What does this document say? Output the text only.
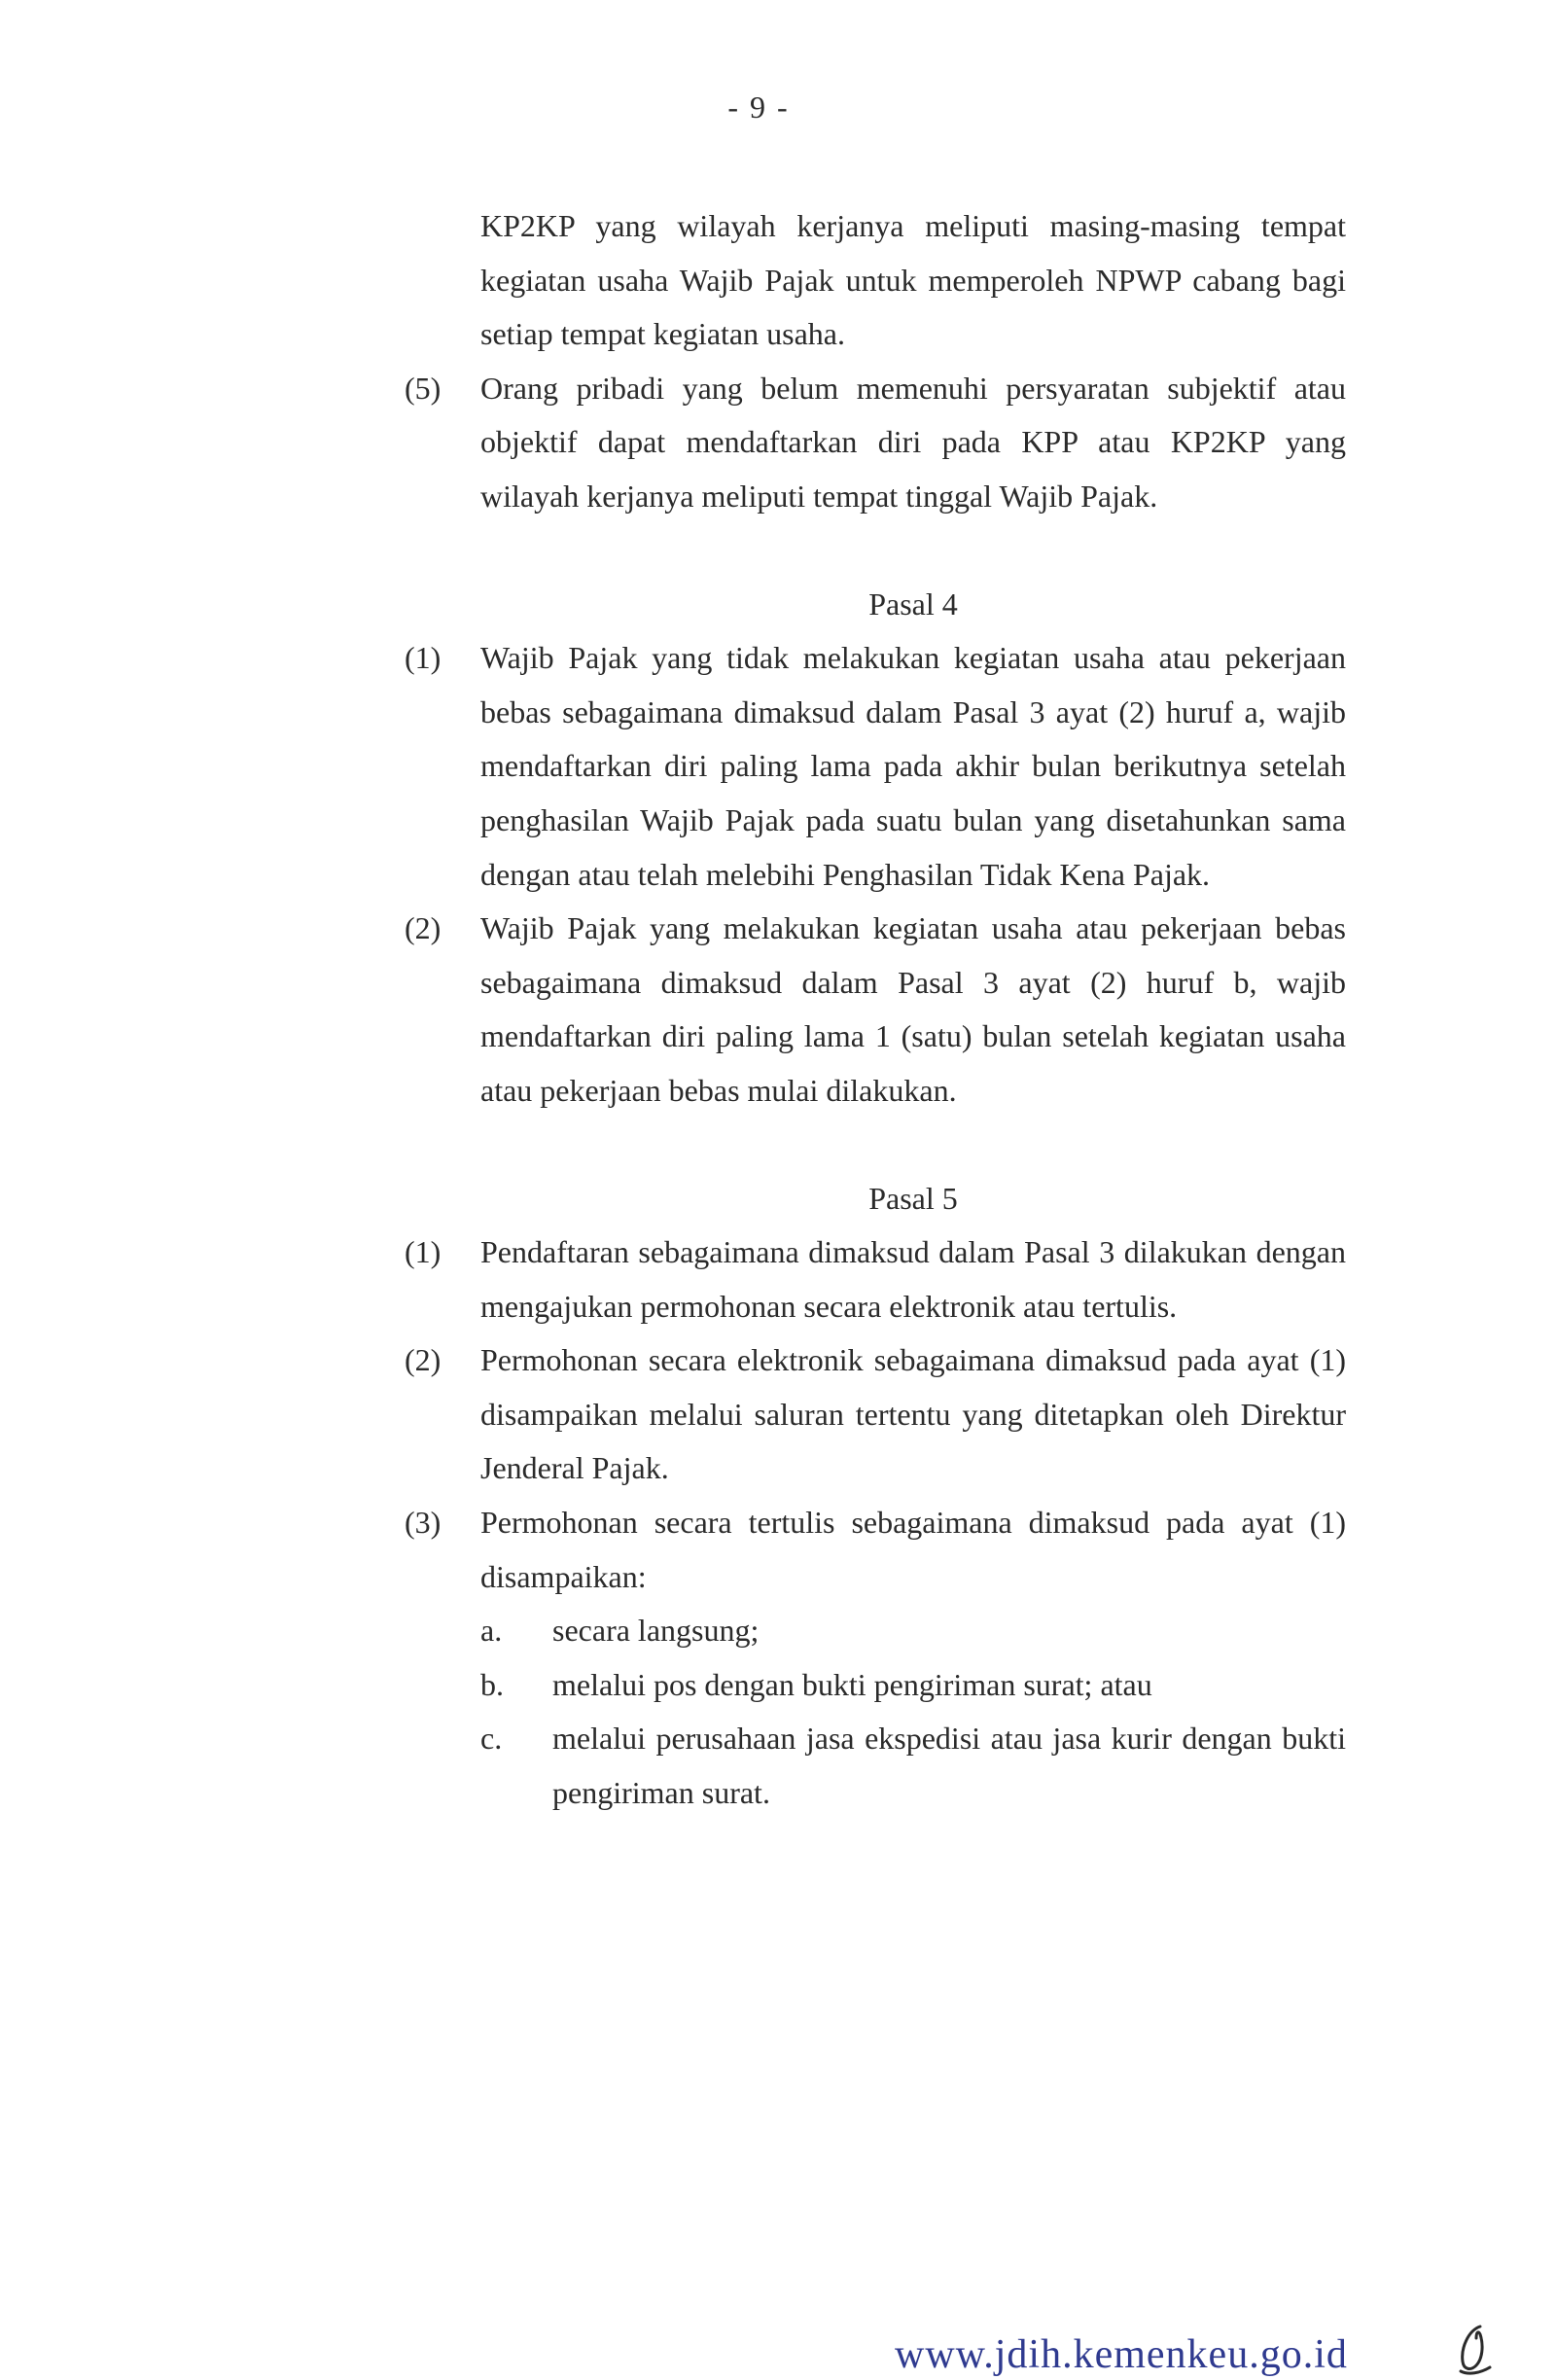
- 9 -
KP2KP yang wilayah kerjanya meliputi masing-masing tempat kegiatan usaha Wajib Pajak untuk memperoleh NPWP cabang bagi setiap tempat kegiatan usaha.
(5) Orang pribadi yang belum memenuhi persyaratan subjektif atau objektif dapat mendaftarkan diri pada KPP atau KP2KP yang wilayah kerjanya meliputi tempat tinggal Wajib Pajak.
Pasal 4
(1) Wajib Pajak yang tidak melakukan kegiatan usaha atau pekerjaan bebas sebagaimana dimaksud dalam Pasal 3 ayat (2) huruf a, wajib mendaftarkan diri paling lama pada akhir bulan berikutnya setelah penghasilan Wajib Pajak pada suatu bulan yang disetahunkan sama dengan atau telah melebihi Penghasilan Tidak Kena Pajak.
(2) Wajib Pajak yang melakukan kegiatan usaha atau pekerjaan bebas sebagaimana dimaksud dalam Pasal 3 ayat (2) huruf b, wajib mendaftarkan diri paling lama 1 (satu) bulan setelah kegiatan usaha atau pekerjaan bebas mulai dilakukan.
Pasal 5
(1) Pendaftaran sebagaimana dimaksud dalam Pasal 3 dilakukan dengan mengajukan permohonan secara elektronik atau tertulis.
(2) Permohonan secara elektronik sebagaimana dimaksud pada ayat (1) disampaikan melalui saluran tertentu yang ditetapkan oleh Direktur Jenderal Pajak.
(3) Permohonan secara tertulis sebagaimana dimaksud pada ayat (1) disampaikan:
a. secara langsung;
b. melalui pos dengan bukti pengiriman surat; atau
c. melalui perusahaan jasa ekspedisi atau jasa kurir dengan bukti pengiriman surat.
www.jdih.kemenkeu.go.id
